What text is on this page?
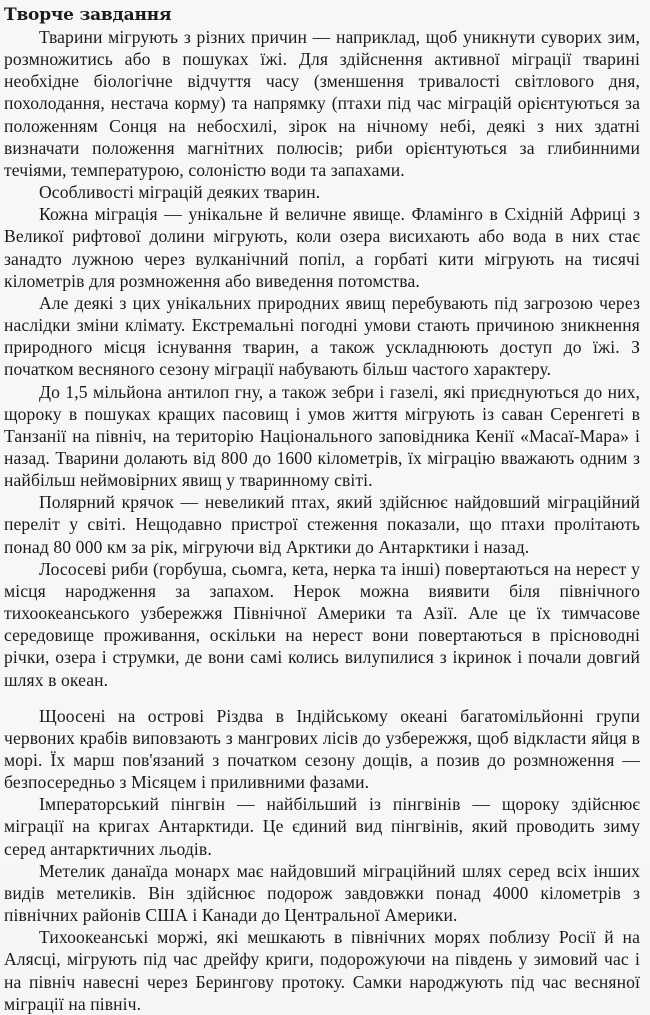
Творче завдання

Тварини мігрують з різних причин — наприклад, щоб уникнути суворих зим, розмножитись або в пошуках їжі. Для здійснення активної міграції тварині необхідне біологічне відчуття часу (зменшення тривалості світлового дня, похолодання, нестача корму) та напрямку (птахи під час міграцій орієнтуються за положенням Сонця на небосхилі, зірок на нічному небі, деякі з них здатні визначати положення магнітних полюсів; риби орієнтуються за глибинними течіями, температурою, солоністю води та запахами.

Особливості міграцій деяких тварин.

Кожна міграція — унікальне й величне явище. Фламінго в Східній Африці з Великої рифтової долини мігрують, коли озера висихають або вода в них стає занадто лужною через вулканічний попіл, а горбаті кити мігрують на тисячі кілометрів для розмноження або виведення потомства.

Але деякі з цих унікальних природних явищ перебувають під загрозою через наслідки зміни клімату. Екстремальні погодні умови стають причиною зникнення природного місця існування тварин, а також ускладнюють доступ до їжі. З початком весняного сезону міграції набувають більш частого характеру.

До 1,5 мільйона антилоп гну, а також зебри і газелі, які приєднуються до них, щороку в пошуках кращих пасовищ і умов життя мігрують із саван Серенгеті в Танзанії на північ, на територію Національного заповідника Кенії «Масаї-Мара» і назад. Тварини долають від 800 до 1600 кілометрів, їх міграцію вважають одним з найбільш неймовірних явищ у тваринному світі.

Полярний крячок — невеликий птах, який здійснює найдовший міграційний переліт у світі. Нещодавно пристрої стеження показали, що птахи пролітають понад 80 000 км за рік, мігруючи від Арктики до Антарктики і назад.

Лососеві риби (горбуша, сьомга, кета, нерка та інші) повертаються на нерест у місця народження за запахом. Нерок можна виявити біля північного тихоокеанського узбережжя Північної Америки та Азії. Але це їх тимчасове середовище проживання, оскільки на нерест вони повертаються в прісноводні річки, озера і струмки, де вони самі колись вилупилися з ікринок і почали довгий шлях в океан.

Щоосені на острові Різдва в Індійському океані багатомільйонні групи червоних крабів виповзають з мангрових лісів до узбережжя, щоб відкласти яйця в морі. Їх марш пов'язаний з початком сезону дощів, а позив до розмноження — безпосередньо з Місяцем і приливними фазами.

Імператорський пінгвін — найбільший із пінгвінів — щороку здійснює міграції на кригах Антарктиди. Це єдиний вид пінгвінів, який проводить зиму серед антарктичних льодів.

Метелик данаїда монарх має найдовший міграційний шлях серед всіх інших видів метеликів. Він здійснює подорож завдовжки понад 4000 кілометрів з північних районів США і Канади до Центральної Америки.

Тихоокеанські моржі, які мешкають в північних морях поблизу Росії й на Алясці, мігрують під час дрейфу криги, подорожуючи на південь у зимовий час і на північ навесні через Берингову протоку. Самки народжують під час весняної міграції на північ.
